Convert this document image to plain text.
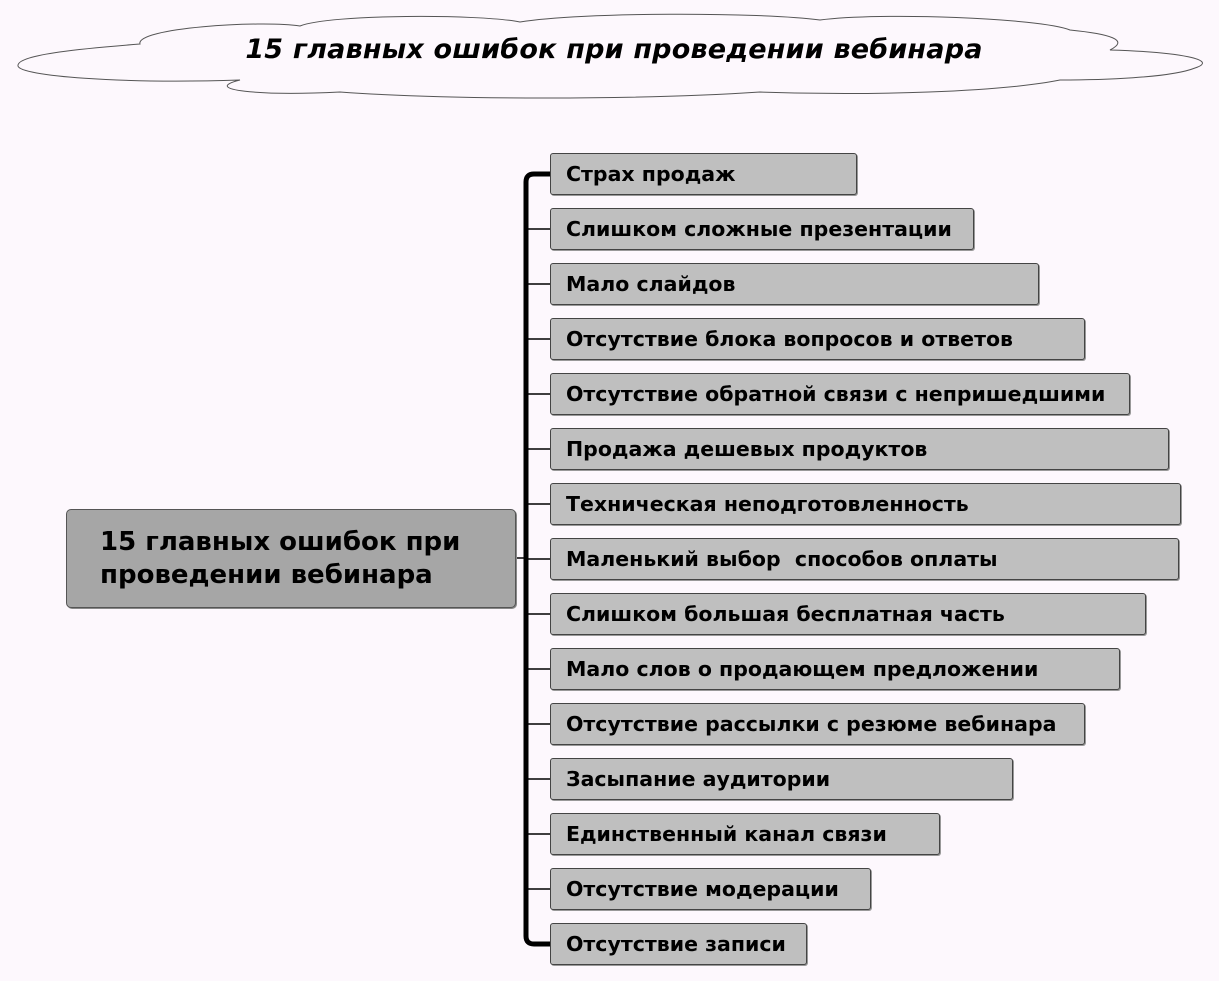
15 главных ошибок при проведении вебинара
15 главных ошибок при
проведении вебинара
Страх продаж
Слишком сложные презентации
Мало слайдов
Отсутствие блока вопросов и ответов
Отсутствие обратной связи с непришедшими
Продажа дешевых продуктов
Техническая неподготовленность
Маленький выбор  способов оплаты
Слишком большая бесплатная часть
Мало слов о продающем предложении
Отсутствие рассылки с резюме вебинара
Засыпание аудитории
Единственный канал связи
Отсутствие модерации
Отсутствие записи
